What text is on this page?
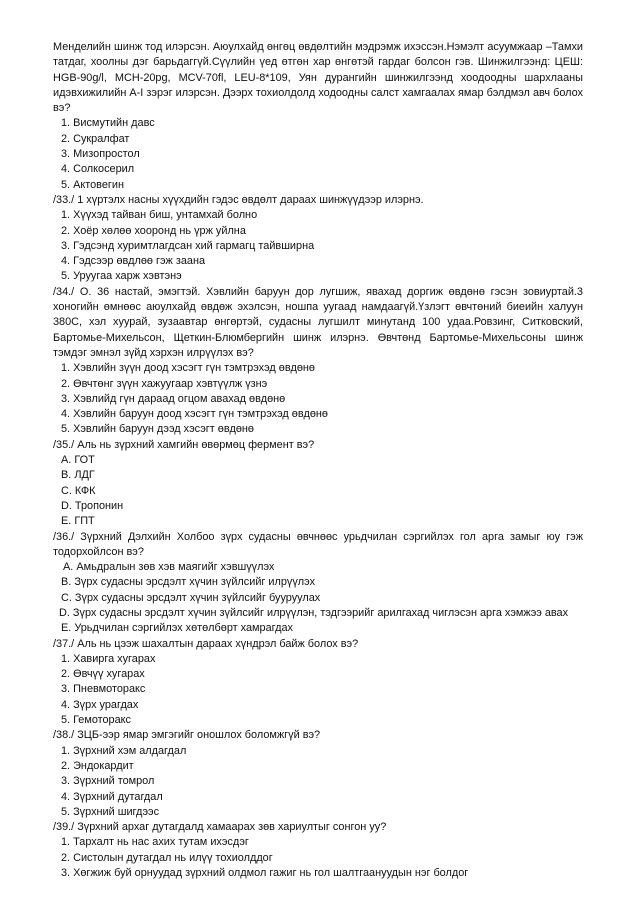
Менделийн шинж тод илэрсэн. Аюулхайд өнгөц өвдөлтийн мэдрэмж ихэссэн.Нэмэлт асуумжаар –Тамхи татдаг, хоолны дэг барьдаггүй.Сүүлийн үед өтгөн хар өнгөтэй гардаг болсон гэв. Шинжилгээнд: ЦЕШ: HGB-90g/l, MCH-20pg, MCV-70fl, LEU-8*109, Уян дурангийн шинжилгээнд хоодоодны шархлааны идэвхижилийн A-I зэрэг илэрсэн. Дээрх тохиолдолд ходоодны салст хамгаалах ямар бэлдмэл авч болох вэ?
1. Висмутийн давс
2. Сукралфат
3. Мизопростол
4. Солкосерил
5. Актовегин
/33./ 1 хүртэлх насны хүүхдийн гэдэс өвдөлт дараах шинжүүдээр илэрнэ.
1. Хүүхэд тайван биш, унтамхай болно
2. Хоёр хөлөө хооронд нь үрж уйлна
3. Гэдсэнд хуримтлагдсан хий гармагц тайвширна
4. Гэдсээр өвдлөө гэж заана
5. Уруугаа харж хэвтэнэ
/34./ О. 36 настай, эмэгтэй. Хэвлийн баруун дор лугшиж, явахад доргиж өвдөнө гэсэн зовиуртай.3 хоногийн өмнөөс аюулхайд өвдөж эхэлсэн, ношпа уугаад намдаагүй.Үзлэгт өвчтөний биеийн халуун 380С, хэл хуурай, зузаавтар өнгөртэй, судасны лугшилт минутанд 100 удаа.Ровзинг, Ситковский, Бартомье-Михельсон, Щеткин-Блюмбергийн шинж илэрнэ. Өвчтөнд Бартомье-Михельсоны шинж тэмдэг эмнэл зүйд хэрхэн илрүүлэх вэ?
1. Хэвлийн зүүн доод хэсэгт гүн тэмтрэхэд өвдөнө
2. Өвчтөнг зүүн хажуугаар хэвтүүлж үзнэ
3. Хэвлийд гүн дараад огцом авахад өвдөнө
4. Хэвлийн баруун доод хэсэгт гүн тэмтрэхэд өвдөнө
5. Хэвлийн баруун дээд хэсэгт өвдөнө
/35./ Аль нь зүрхний хамгийн өвөрмөц фермент вэ?
A. ГОТ
B. ЛДГ
C. КФК
D. Тропонин
E. ГПТ
/36./ Зүрхний Дэлхийн Холбоо зүрх судасны өвчнөөс урьдчилан сэргийлэх гол арга замыг юу гэж тодорхойлсон вэ?
A. Амьдралын зөв хэв маягийг хэвшүүлэх
B. Зүрх судасны эрсдэлт хүчин зүйлсийг илрүүлэх
C. Зүрх судасны эрсдэлт хүчин зүйлсийг бууруулах
D. Зүрх судасны эрсдэлт хүчин зүйлсийг илрүүлэн, тэдгээрийг арилгахад чиглэсэн арга хэмжээ авах
E. Урьдчилан сэргийлэх хөтөлбөрт хамрагдах
/37./ Аль нь цээж шахалтын дараах хүндрэл байж болох вэ?
1. Хавирга хугарах
2. Өвчүү хугарах
3. Пневмоторакс
4. Зүрх урагдах
5. Гемоторакс
/38./ ЗЦБ-ээр ямар эмгэгийг оношлох боломжгүй вэ?
1. Зүрхний хэм алдагдал
2. Эндокардит
3. Зүрхний томрол
4. Зүрхний дутагдал
5. Зүрхний шигдээс
/39./ Зүрхний архаг дутагдалд хамаарах зөв хариултыг сонгон уу?
1. Тархалт нь нас ахих тутам ихэсдэг
2. Систолын дутагдал нь илүү тохиолддог
3. Хөгжиж буй орнуудад зүрхний олдмол гажиг нь гол шалтгаануудын нэг болдог
